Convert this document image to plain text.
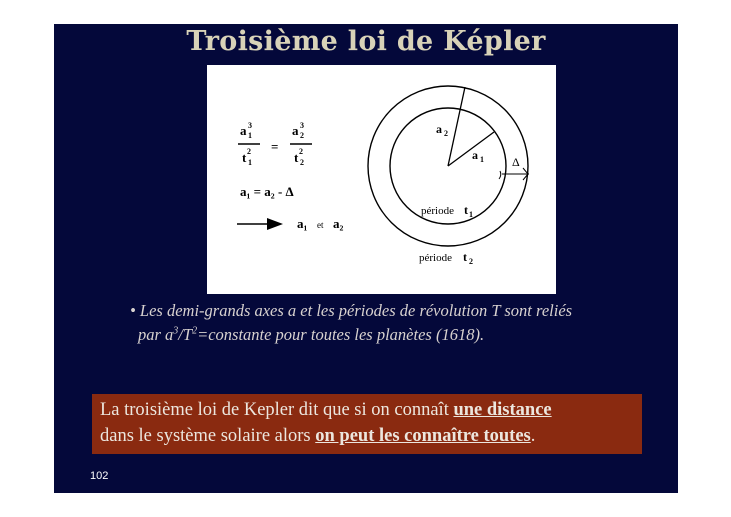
Troisième loi de Képler
a 1
3
t 1
2 =
a 2
3
t 2
2
a₁ = a₂ - Δ
a₁ et a₂
a 2
a 1 Δ
période t 1
période t 2
• Les demi-grands axes a et les périodes de révolution T sont reliés
par $a^3/T^2=constante$ pour toutes les planètes (1618).
La troisième loi de Kepler dit que si on connaît une distance
dans le système solaire alors on peut les connaître toutes.
102
